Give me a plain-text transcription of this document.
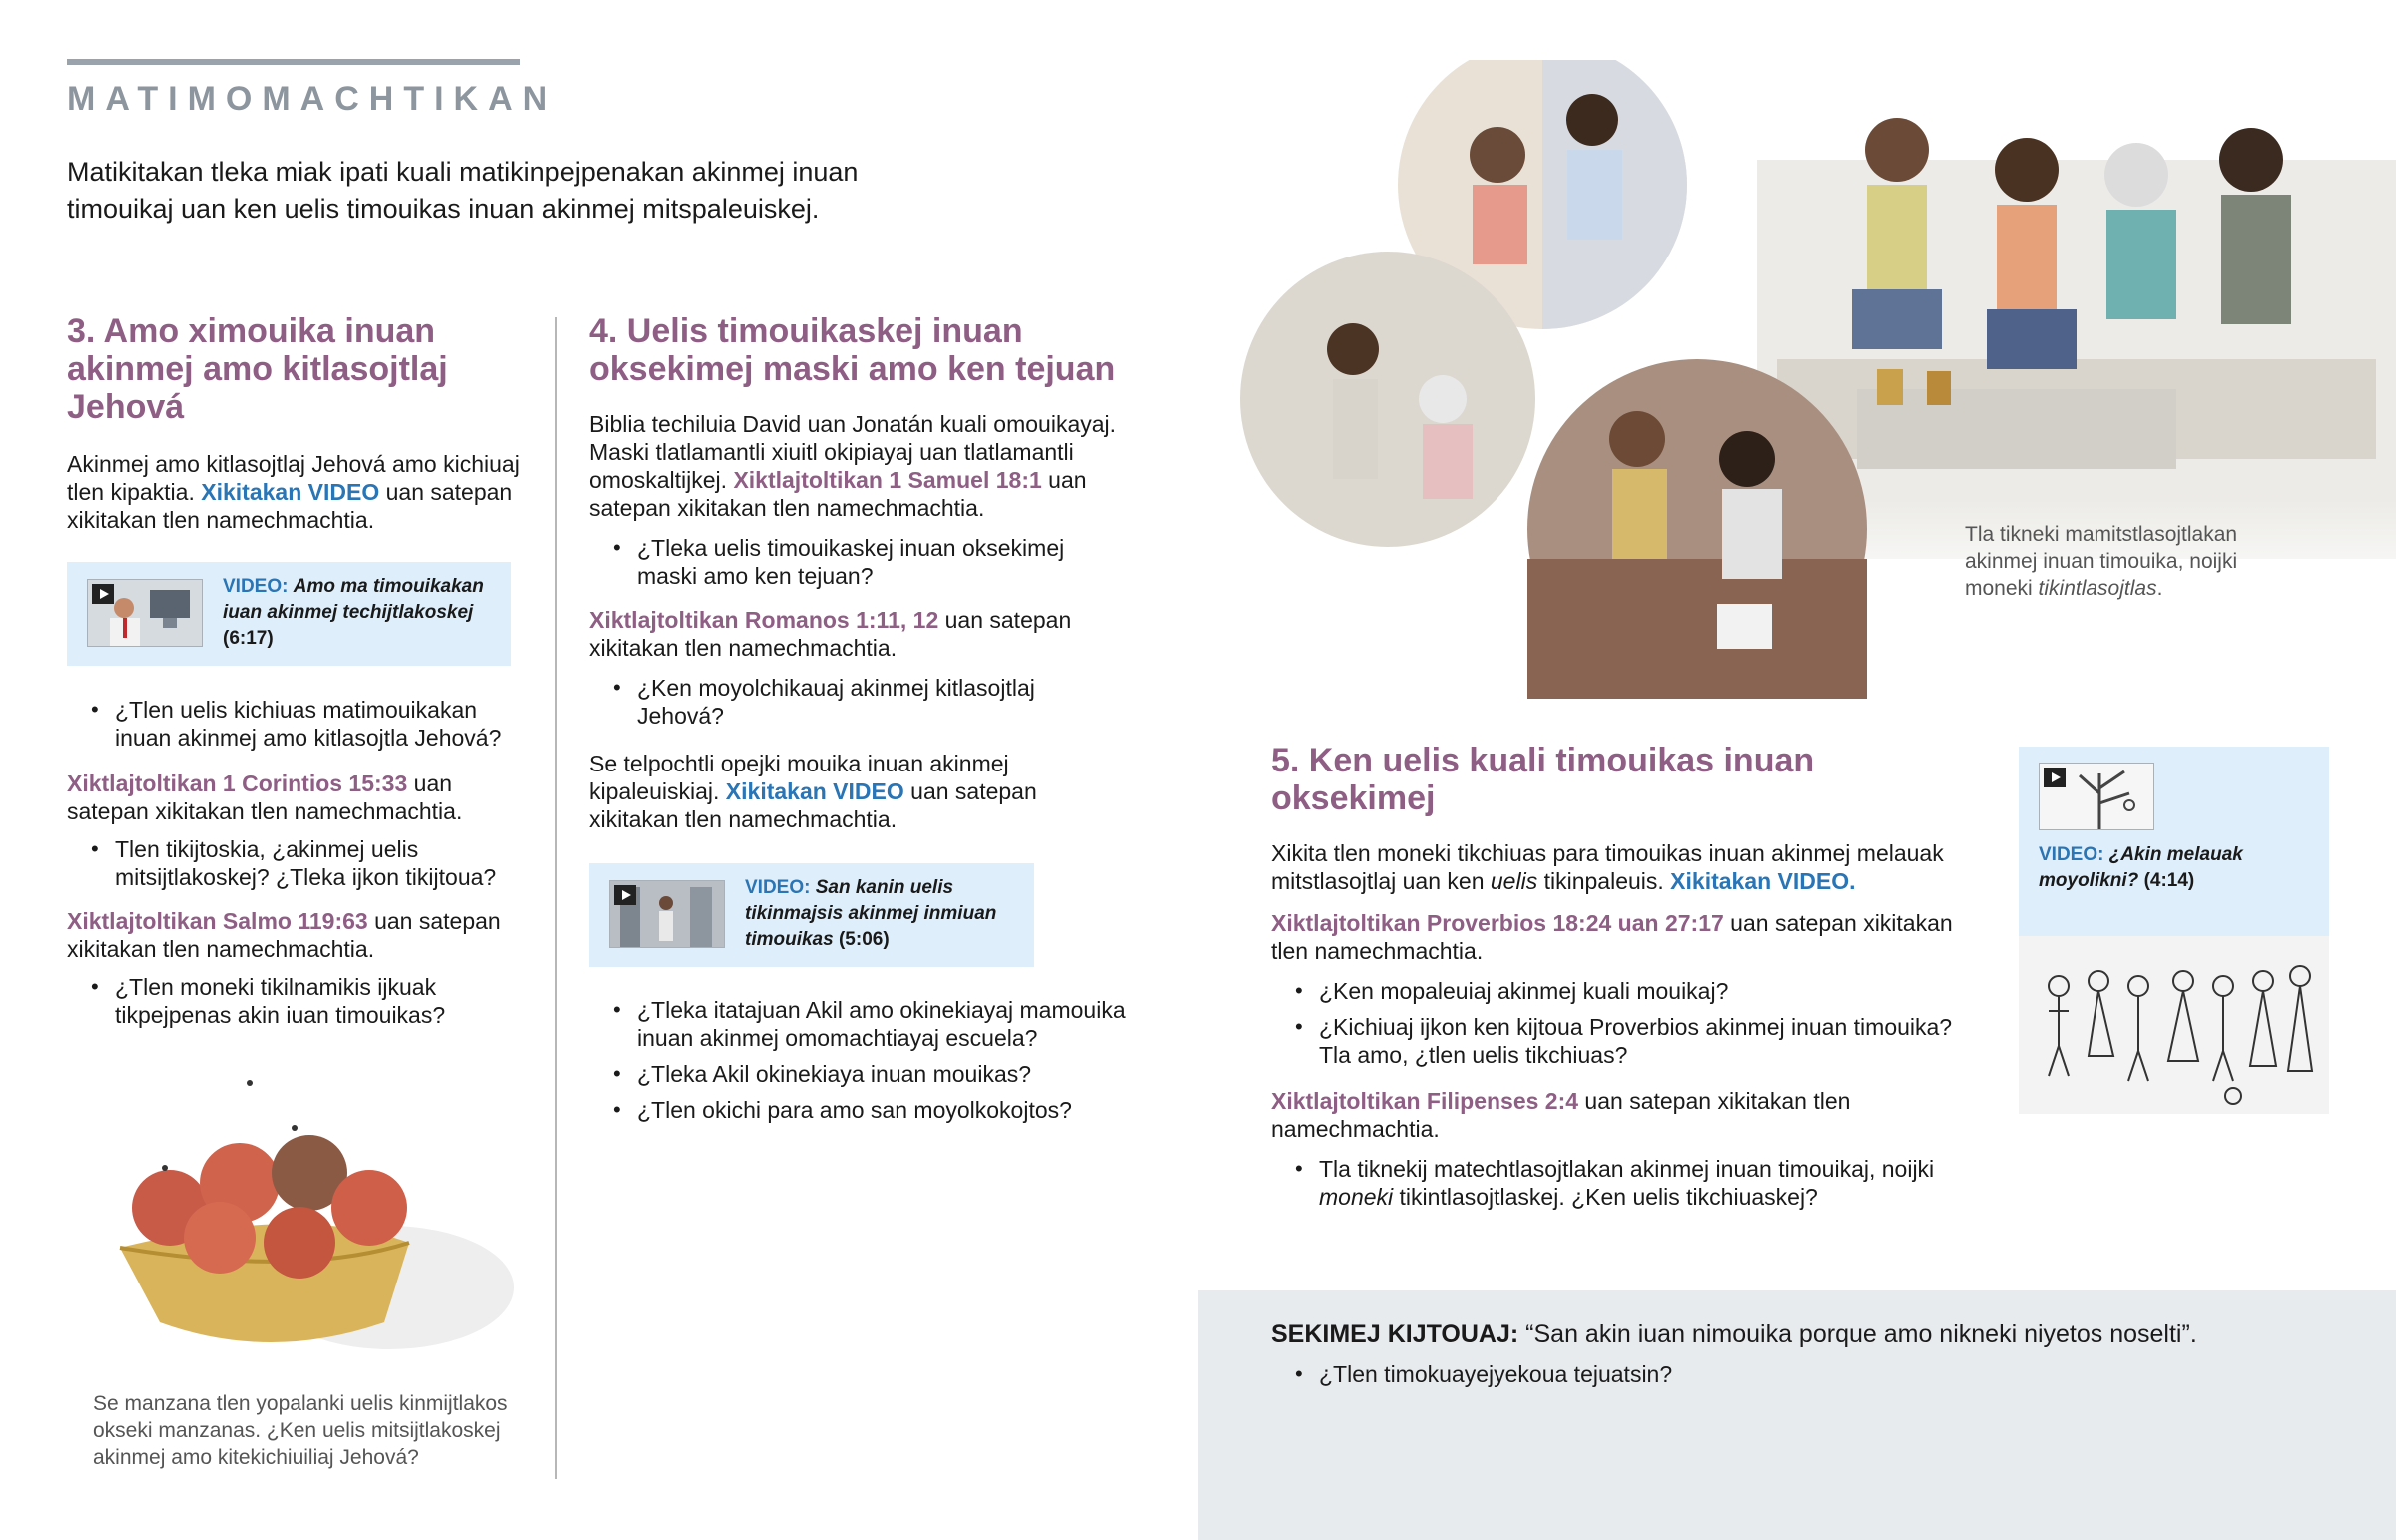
MATIMOMACHTIKAN
Matikitakan tleka miak ipati kuali matikinpejpenakan akinmej inuan timouikaj uan ken uelis timouikas inuan akinmej mitspaleuiskej.
3. Amo ximouika inuan akinmej amo kitlasojtlaj Jehová

Akinmej amo kitlasojtlaj Jehová amo kichiuaj tlen kipaktia. Xikitakan VIDEO uan satepan xikitakan tlen namechmachtia.

VIDEO: Amo ma timouikakan iuan akinmej techijtlakoskej (6:17)
• ¿Tlen uelis kichiuas matimouikakan inuan akinmej amo kitlasojtla Jehová?

Xiktlajtoltikan 1 Corintios 15:33 uan satepan xikitakan tlen namechmachtia.

• Tlen tikijtoskia, ¿akinmej uelis mitsijtlakoskej? ¿Tleka ijkon tikijtoua?

Xiktlajtoltikan Salmo 119:63 uan satepan xikitakan tlen namechmachtia.

• ¿Tlen moneki tikilnamikis ijkuak tikpejpenas akin iuan timouikas?
Se manzana tlen yopalanki uelis kinmijtlakos okseki manzanas. ¿Ken uelis mitsijtlakoskej akinmej amo kitekichiuiliaj Jehová?
4. Uelis timouikaskej inuan oksekimej maski amo ken tejuan

Biblia techiluia David uan Jonatán kuali omouikayaj. Maski tlatlamantli xiuitl okipiayaj uan tlatlamantli omoskaltijkej. Xiktlajtoltikan 1 Samuel 18:1 uan satepan xikitakan tlen namechmachtia.

• ¿Tleka uelis timouikaskej inuan oksekimej maski amo ken tejuan?

Xiktlajtoltikan Romanos 1:11, 12 uan satepan xikitakan tlen namechmachtia.

• ¿Ken moyolchikauaj akinmej kitlasojtlaj Jehová?

Se telpochtli opejki mouika inuan akinmej kipaleuiskiaj. Xikitakan VIDEO uan satepan xikitakan tlen namechmachtia.

VIDEO: San kanin uelis tikinmajsis akinmej inmiuan timouikas (5:06)
• ¿Tleka itatajuan Akil amo okinekiayaj mamouika inuan akinmej omomachtiayaj escuela?
• ¿Tleka Akil okinekiaya inuan mouikas?
• ¿Tlen okichi para amo san moyolkokojtos?
Tla tikneki mamitstlasojtlakan akinmej inuan timouika, noijki moneki tikintlasojtlas.
5. Ken uelis kuali timouikas inuan oksekimej

Xikita tlen moneki tikchiuas para timouikas inuan akinmej melauak mitstlasojtlaj uan ken uelis tikinpaleuis. Xikitakan VIDEO.

Xiktlajtoltikan Proverbios 18:24 uan 27:17 uan satepan xikitakan tlen namechmachtia.

• ¿Ken mopaleuiaj akinmej kuali mouikaj?
• ¿Kichiuaj ijkon ken kijtoua Proverbios akinmej inuan timouika? Tla amo, ¿tlen uelis tikchiuas?

Xiktlajtoltikan Filipenses 2:4 uan satepan xikitakan tlen namechmachtia.

• Tla tiknekij matechtlasojtlakan akinmej inuan timouikaj, noijki moneki tikintlasojtlaskej. ¿Ken uelis tikchiuaskej?
VIDEO: ¿Akin melauak moyolikni? (4:14)

SEKIMEJ KIJTOUAJ: “San akin iuan nimouika porque amo nikneki niyetos noselti”.

• ¿Tlen timokuayejyekoua tejuatsin?
